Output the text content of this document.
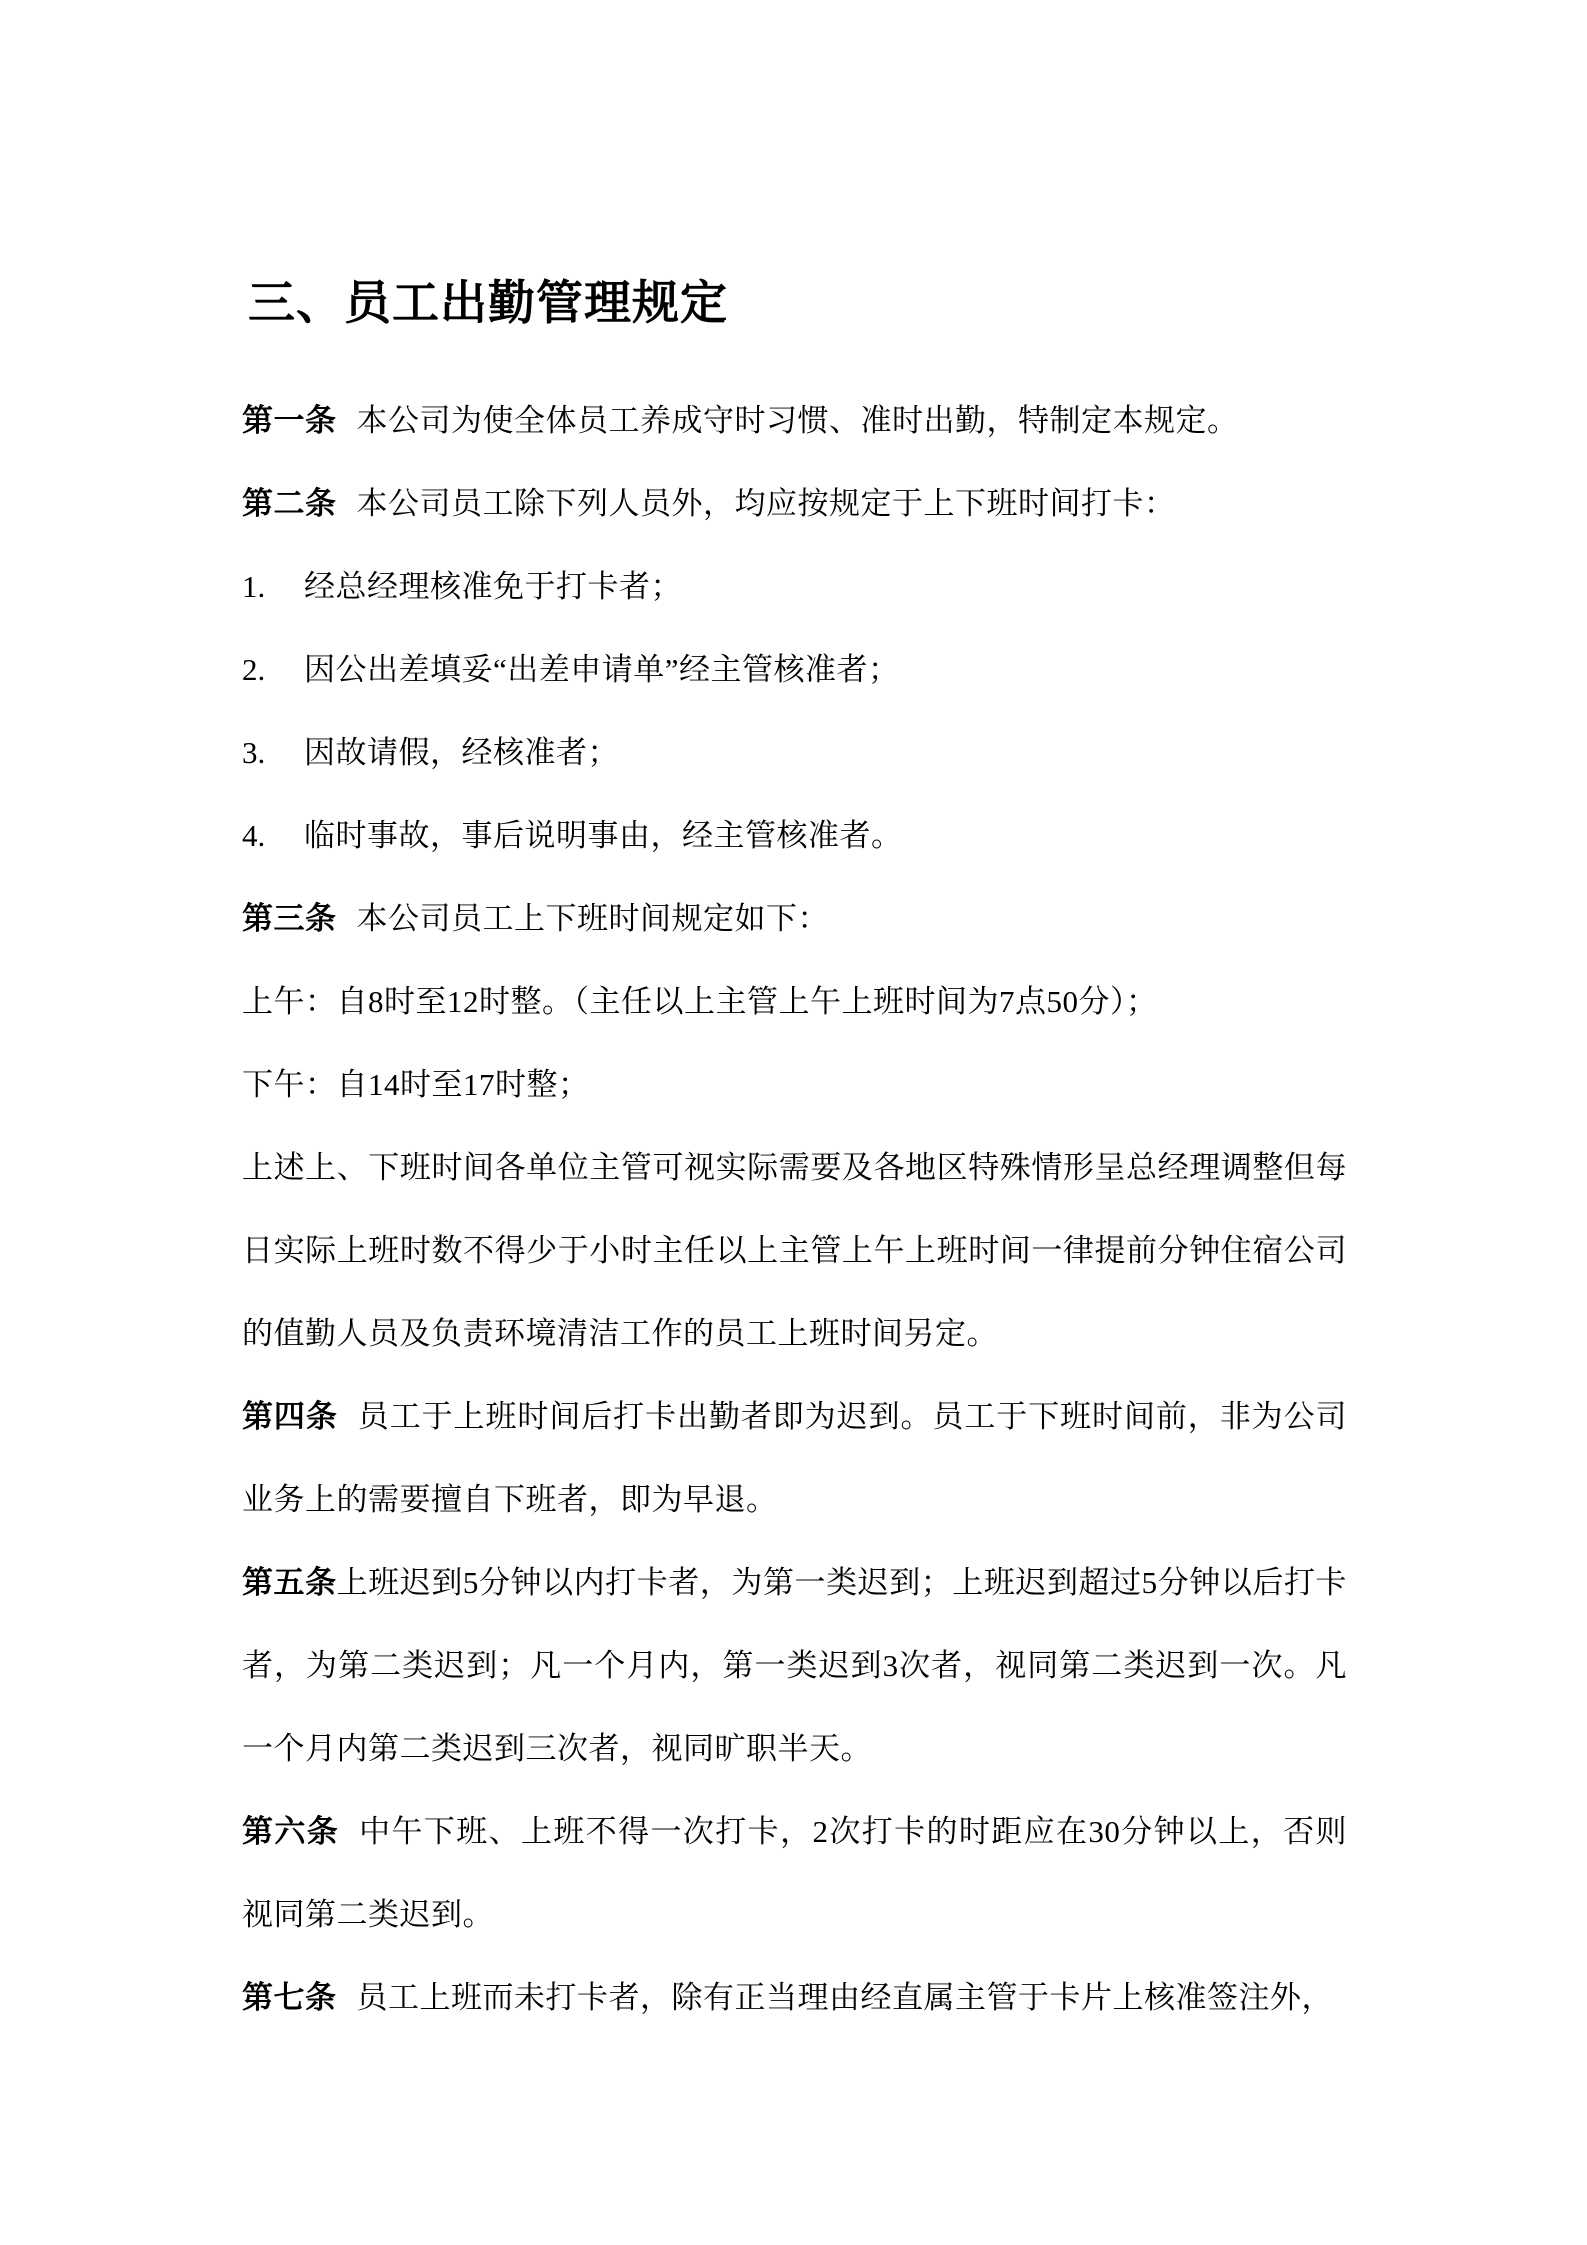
三、员工出勤管理规定
第一条 本公司为使全体员工养成守时习惯、准时出勤，特制定本规定。
第二条 本公司员工除下列人员外，均应按规定于上下班时间打卡：
1. 经总经理核准免于打卡者；
2. 因公出差填妥“出差申请单”经主管核准者；
3. 因故请假，经核准者；
4. 临时事故，事后说明事由，经主管核准者。
第三条 本公司员工上下班时间规定如下：
上午：自8时至12时整。（主任以上主管上午上班时间为7点50分）；
下午：自14时至17时整；
上述上、下班时间各单位主管可视实际需要及各地区特殊情形呈总经理调整但每日实际上班时数不得少于小时主任以上主管上午上班时间一律提前分钟住宿公司的值勤人员及负责环境清洁工作的员工上班时间另定。
第四条 员工于上班时间后打卡出勤者即为迟到。员工于下班时间前，非为公司业务上的需要擅自下班者，即为早退。
第五条上班迟到5分钟以内打卡者，为第一类迟到；上班迟到超过5分钟以后打卡者，为第二类迟到；凡一个月内，第一类迟到3次者，视同第二类迟到一次。凡一个月内第二类迟到三次者，视同旷职半天。
第六条 中午下班、上班不得一次打卡，2次打卡的时距应在30分钟以上，否则视同第二类迟到。
第七条 员工上班而未打卡者，除有正当理由经直属主管于卡片上核准签注外，
